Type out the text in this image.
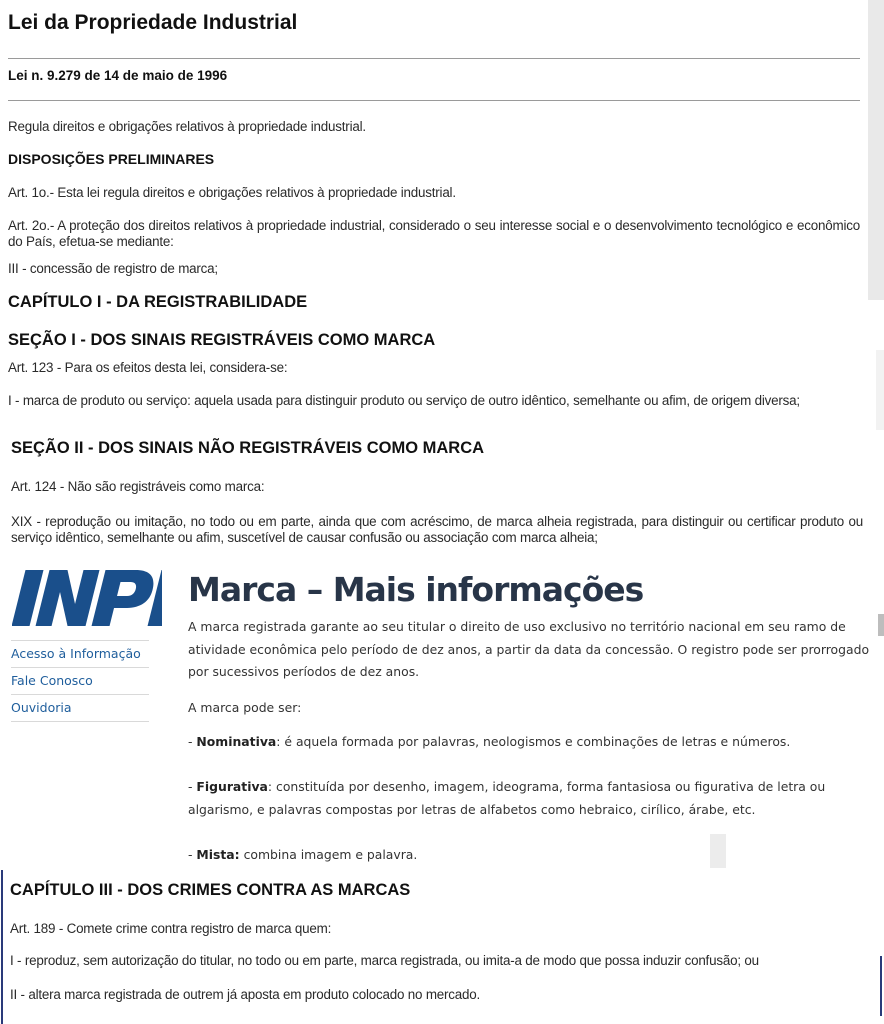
Lei da Propriedade Industrial
Lei n. 9.279 de 14 de maio de 1996
Regula direitos e obrigações relativos à propriedade industrial.
DISPOSIÇÕES PRELIMINARES
Art. 1o.- Esta lei regula direitos e obrigações relativos à propriedade industrial.
Art. 2o.- A proteção dos direitos relativos à propriedade industrial, considerado o seu interesse social e o desenvolvimento tecnológico e econômico do País, efetua-se mediante:
III - concessão de registro de marca;
CAPÍTULO I - DA REGISTRABILIDADE
SEÇÃO I - DOS SINAIS REGISTRÁVEIS COMO MARCA
Art. 123 - Para os efeitos desta lei, considera-se:
I - marca de produto ou serviço: aquela usada para distinguir produto ou serviço de outro idêntico, semelhante ou afim, de origem diversa;
SEÇÃO II - DOS SINAIS NÃO REGISTRÁVEIS COMO MARCA
Art. 124 - Não são registráveis como marca:
XIX - reprodução ou imitação, no todo ou em parte, ainda que com acréscimo, de marca alheia registrada, para distinguir ou certificar produto ou serviço idêntico, semelhante ou afim, suscetível de causar confusão ou associação com marca alheia;
Acesso à Informação
Fale Conosco
Ouvidoria
Marca – Mais informações
A marca registrada garante ao seu titular o direito de uso exclusivo no território nacional em seu ramo de atividade econômica pelo período de dez anos, a partir da data da concessão. O registro pode ser prorrogado por sucessivos períodos de dez anos.
A marca pode ser:
- Nominativa: é aquela formada por palavras, neologismos e combinações de letras e números.
- Figurativa: constituída por desenho, imagem, ideograma, forma fantasiosa ou figurativa de letra ou algarismo, e palavras compostas por letras de alfabetos como hebraico, cirílico, árabe, etc.
- Mista: combina imagem e palavra.
CAPÍTULO III - DOS CRIMES CONTRA AS MARCAS
Art. 189 - Comete crime contra registro de marca quem:
I - reproduz, sem autorização do titular, no todo ou em parte, marca registrada, ou imita-a de modo que possa induzir confusão; ou
II - altera marca registrada de outrem já aposta em produto colocado no mercado.
